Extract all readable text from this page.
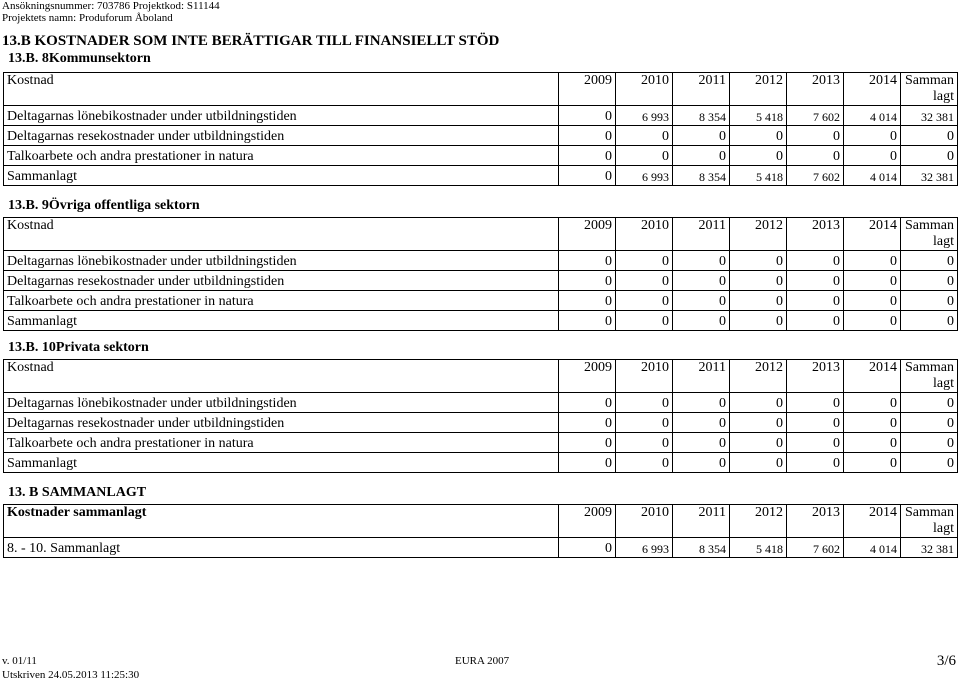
Ansökningsnummer: 703786 Projektkod: S11144
Projektets namn: Produforum Åboland
13.B KOSTNADER SOM INTE BERÄTTIGAR TILL FINANSIELLT STÖD
13.B. 8Kommunsektorn
Kostnad	2009	2010	2011	2012	2013	2014	Samman
lagt

Deltagarnas lönebikostnader under utbildningstiden	0	6 993	8 354	5 418	7 602	4 014	32 381
Deltagarnas resekostnader under utbildningstiden	0	0	0	0	0	0	0
Talkoarbete och andra prestationer in natura	0	0	0	0	0	0	0
Sammanlagt	0	6 993	8 354	5 418	7 602	4 014	32 381
13.B. 9Övriga offentliga sektorn
Kostnad	2009	2010	2011	2012	2013	2014	Samman
lagt

Deltagarnas lönebikostnader under utbildningstiden	0	0	0	0	0	0	0
Deltagarnas resekostnader under utbildningstiden	0	0	0	0	0	0	0
Talkoarbete och andra prestationer in natura	0	0	0	0	0	0	0
Sammanlagt	0	0	0	0	0	0	0
13.B. 10Privata sektorn
Kostnad	2009	2010	2011	2012	2013	2014	Samman
lagt

Deltagarnas lönebikostnader under utbildningstiden	0	0	0	0	0	0	0
Deltagarnas resekostnader under utbildningstiden	0	0	0	0	0	0	0
Talkoarbete och andra prestationer in natura	0	0	0	0	0	0	0
Sammanlagt	0	0	0	0	0	0	0
13. B SAMMANLAGT
Kostnader sammanlagt	2009	2010	2011	2012	2013	2014	Samman
lagt

8. - 10. Sammanlagt	0	6 993	8 354	5 418	7 602	4 014	32 381
v. 01/11	EURA 2007
Utskriven 24.05.2013 11:25:30
3/6
